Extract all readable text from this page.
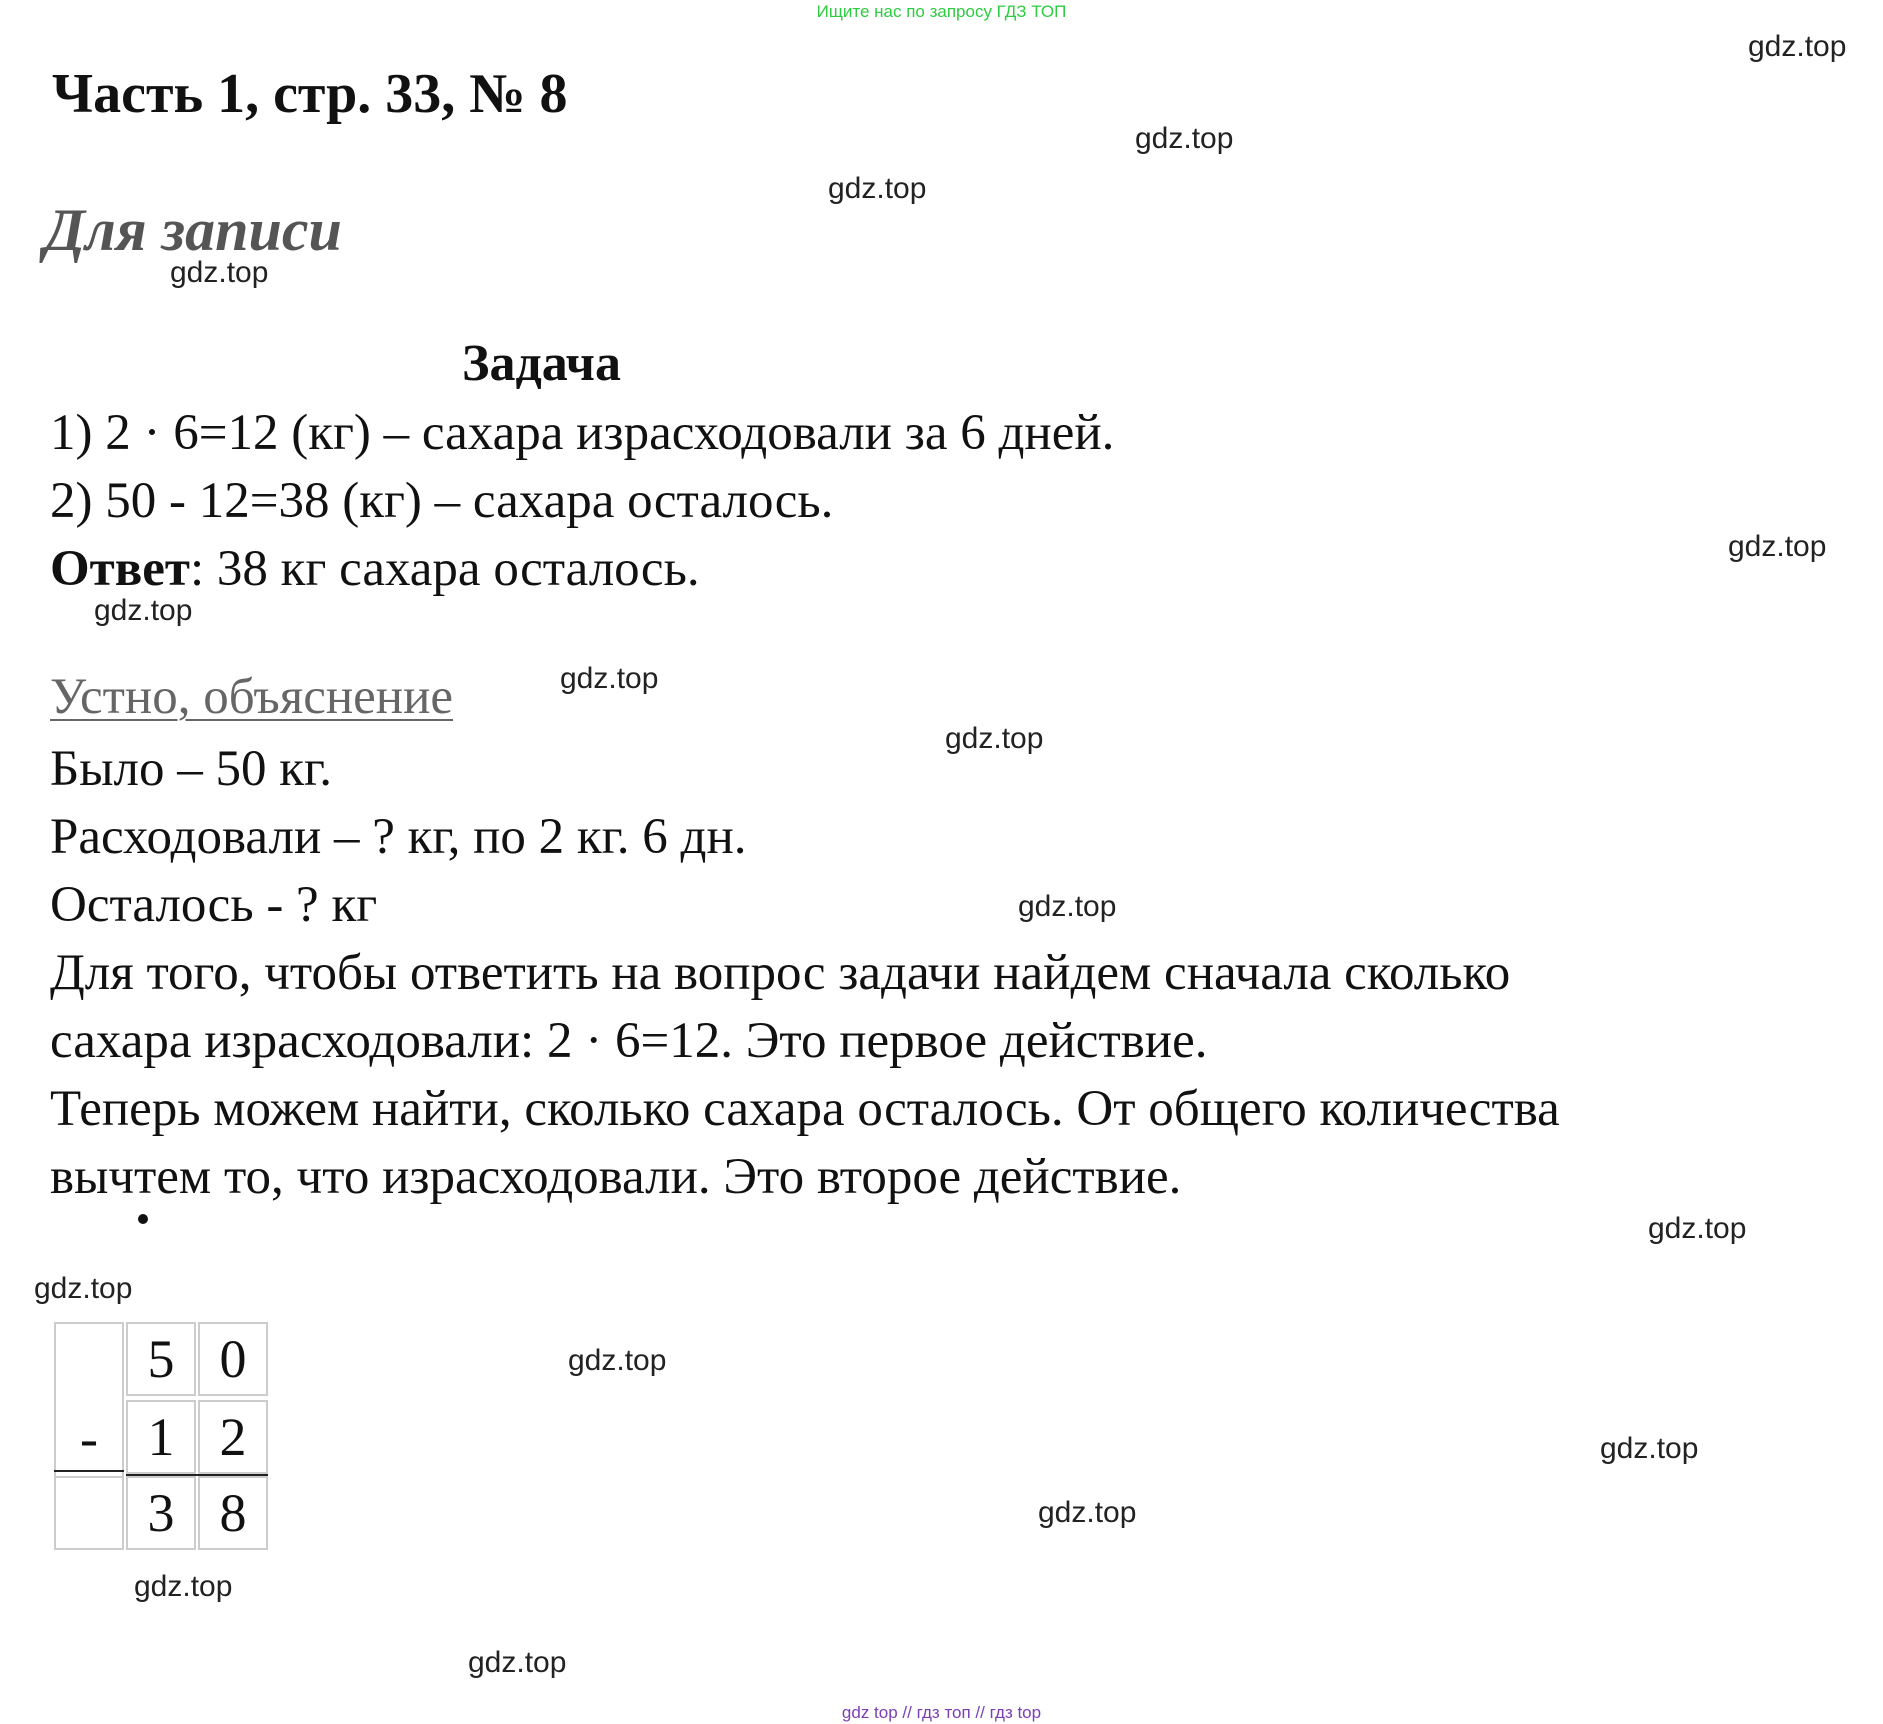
Ищите нас по запросу ГДЗ ТОП
gdz top // гдз топ // гдз top
gdz.top
gdz.top
gdz.top
gdz.top
gdz.top
gdz.top
gdz.top
gdz.top
gdz.top
gdz.top
gdz.top
gdz.top
gdz.top
gdz.top
gdz.top
gdz.top
Часть 1, стр. 33, № 8
Для записи
Задача
1) 2 · 6=12 (кг) – сахара израсходовали за 6 дней.
2) 50 - 12=38 (кг) – сахара осталось.
Ответ: 38 кг сахара осталось.
Устно, объяснение
Было – 50 кг.
Расходовали – ? кг, по 2 кг. 6 дн.
Осталось - ? кг
Для того, чтобы ответить на вопрос задачи найдем сначала сколько
сахара израсходовали: 2 · 6=12. Это первое действие.
Теперь можем найти, сколько сахара осталось. От общего количества
вычтем то, что израсходовали. Это второе действие.
-
5 0
1 2
3 8
